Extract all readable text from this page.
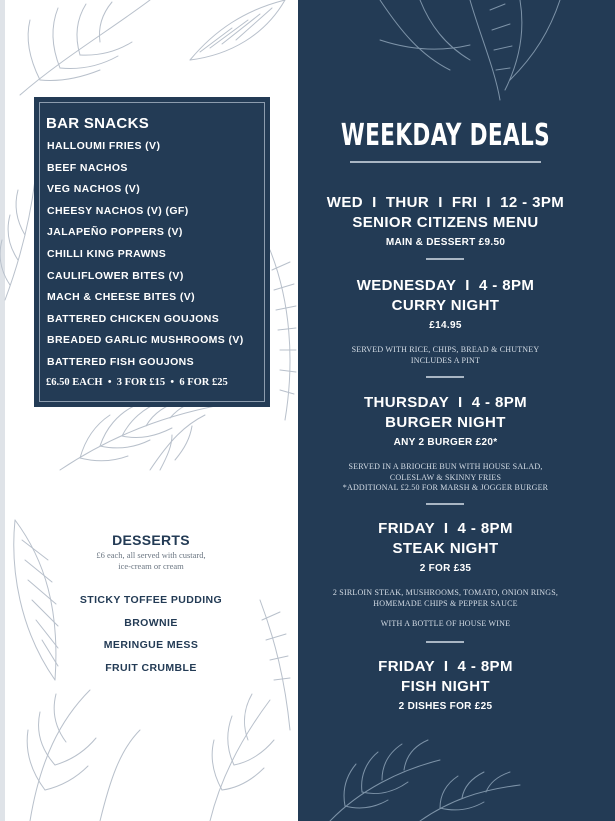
BAR SNACKS
HALLOUMI FRIES (V)
BEEF NACHOS
VEG NACHOS (V)
CHEESY NACHOS (V) (GF)
JALAPEÑO POPPERS (V)
CHILLI KING PRAWNS
CAULIFLOWER BITES (V)
MACH & CHEESE BITES (V)
BATTERED CHICKEN GOUJONS
BREADED GARLIC MUSHROOMS (V)
BATTERED FISH GOUJONS
£6.50 EACH  •  3 FOR £15  •  6 FOR £25
DESSERTS
£6 each, all served with custard,
ice-cream or cream
STICKY TOFFEE PUDDING
BROWNIE
MERINGUE MESS
FRUIT CRUMBLE
WEEKDAY DEALS
WED  I  THUR  I  FRI  I  12 - 3PM
SENIOR CITIZENS MENU
MAIN & DESSERT £9.50
WEDNESDAY  I  4 - 8PM
CURRY NIGHT
£14.95
SERVED WITH RICE, CHIPS, BREAD & CHUTNEY
INCLUDES A PINT
THURSDAY  I  4 - 8PM
BURGER NIGHT
ANY 2 BURGER £20*
SERVED IN A BRIOCHE BUN WITH HOUSE SALAD,
COLESLAW & SKINNY FRIES
*ADDITIONAL £2.50 FOR MARSH & JOGGER BURGER
FRIDAY  I  4 - 8PM
STEAK NIGHT
2 FOR £35
2 SIRLOIN STEAK, MUSHROOMS, TOMATO, ONION RINGS,
HOMEMADE CHIPS & PEPPER SAUCE
WITH A BOTTLE OF HOUSE WINE
FRIDAY  I  4 - 8PM
FISH NIGHT
2 DISHES FOR £25
